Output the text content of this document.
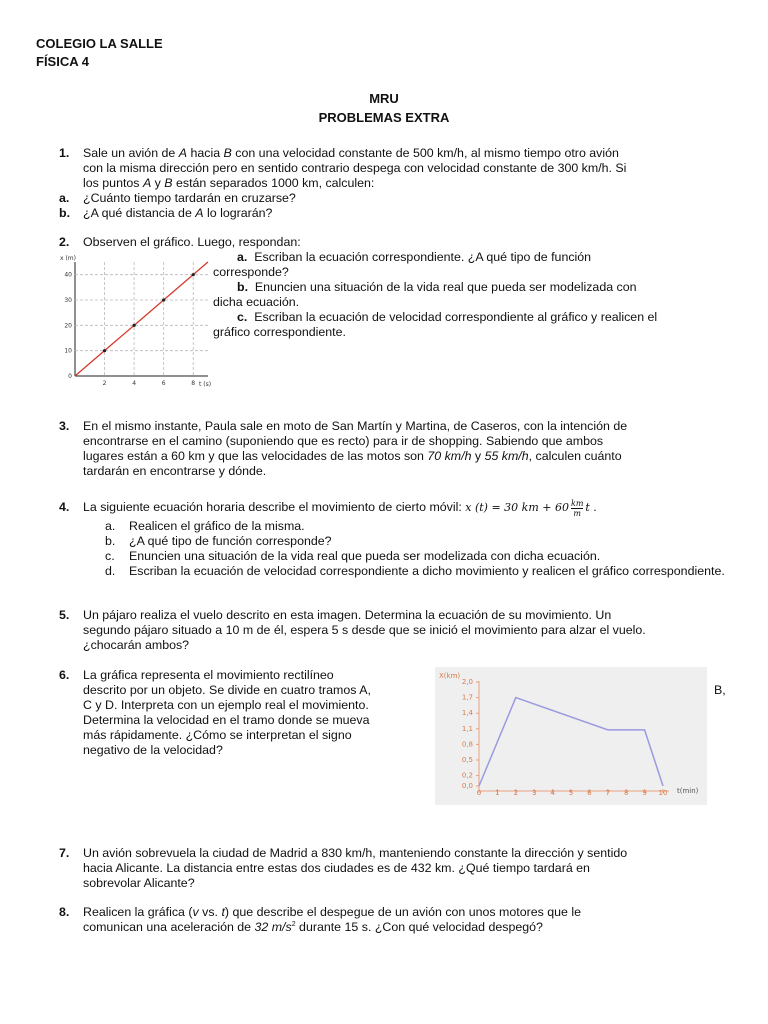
COLEGIO LA SALLE
FÍSICA 4
MRU
PROBLEMAS EXTRA
1. Sale un avión de A hacia B con una velocidad constante de 500 km/h, al mismo tiempo otro avión
con la misma dirección pero en sentido contrario despega con velocidad constante de 300 km/h. Si
los puntos A y B están separados 1000 km, calculen:
a. ¿Cuánto tiempo tardarán en cruzarse?
b. ¿A qué distancia de A lo lograrán?
2. Observen el gráfico. Luego, respondan:
a. Escriban la ecuación correspondiente. ¿A qué tipo de función
corresponde?
b. Enuncien una situación de la vida real que pueda ser modelizada con
dicha ecuación.
c. Escriban la ecuación de velocidad correspondiente al gráfico y realicen el
gráfico correspondiente.
0
10
20
30
40
2	4	6	8
x (m)
t (s)
3. En el mismo instante, Paula sale en moto de San Martín y Martina, de Caseros, con la intención de
encontrarse en el camino (suponiendo que es recto) para ir de shopping. Sabiendo que ambos
lugares están a 60 km y que las velocidades de las motos son 70 km/h y 55 km/h, calculen cuánto
tardarán en encontrarse y dónde.
4. La siguiente ecuación horaria describe el movimiento de cierto móvil: x (t) = 30 km + $60 \frac{km}{m}$ t .
a. Realicen el gráfico de la misma.
b. ¿A qué tipo de función corresponde?
c. Enuncien una situación de la vida real que pueda ser modelizada con dicha ecuación.
d. Escriban la ecuación de velocidad correspondiente a dicho movimiento y realicen el gráfico correspondiente.
5. Un pájaro realiza el vuelo descrito en esta imagen. Determina la ecuación de su movimiento. Un
segundo pájaro situado a 10 m de él, espera 5 s desde que se inició el movimiento para alzar el vuelo.
¿chocarán ambos?
6. La gráfica representa el movimiento rectilíneo
descrito por un objeto. Se divide en cuatro tramos A,
C y D. Interpreta con un ejemplo real el movimiento.
Determina la velocidad en el tramo donde se mueva
más rápidamente. ¿Cómo se interpretan el signo
negativo de la velocidad?
B,
X(km)
t(min)
0,0
0,2
0,5
0,8
1,1
1,4
1,7
2,0
0 1 2 3 4 5 6 7 8 9 10
7. Un avión sobrevuela la ciudad de Madrid a 830 km/h, manteniendo constante la dirección y sentido
hacia Alicante. La distancia entre estas dos ciudades es de 432 km. ¿Qué tiempo tardará en
sobrevolar Alicante?
8. Realicen la gráfica (v vs. t) que describe el despegue de un avión con unos motores que le
comunican una aceleración de 32 $m/s^2$ durante 15 s. ¿Con qué velocidad despegó?
